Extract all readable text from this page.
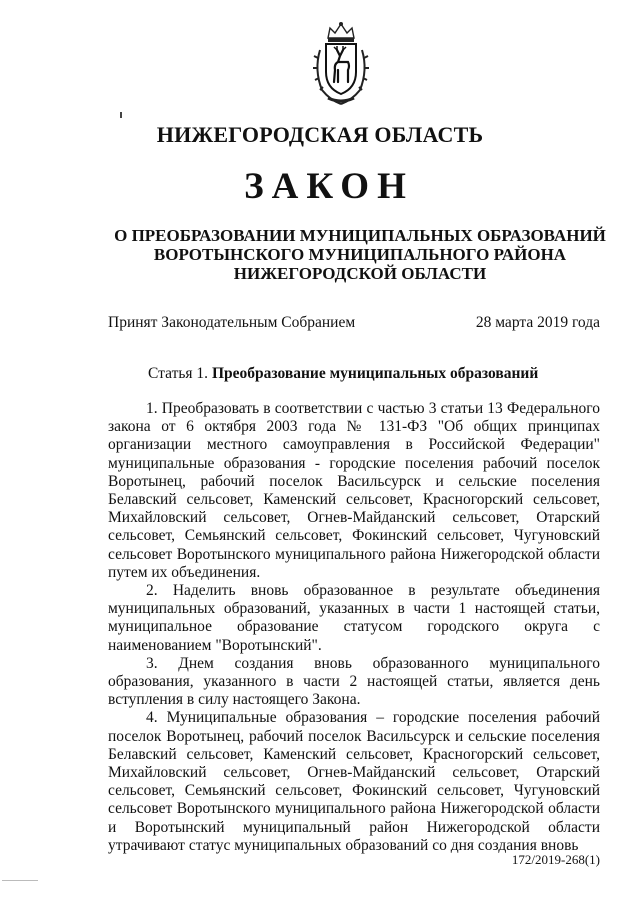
НИЖЕГОРОДСКАЯ ОБЛАСТЬ
ЗАКОН
О ПРЕОБРАЗОВАНИИ МУНИЦИПАЛЬНЫХ ОБРАЗОВАНИЙ
ВОРОТЫНСКОГО МУНИЦИПАЛЬНОГО РАЙОНА
НИЖЕГОРОДСКОЙ ОБЛАСТИ
Принят Законодательным Собранием	28 марта 2019 года
Статья 1. Преобразование муниципальных образований

1. Преобразовать в соответствии с частью 3 статьи 13 Федерального закона от 6 октября 2003 года № 131-ФЗ "Об общих принципах организации местного самоуправления в Российской Федерации" муниципальные образования - городские поселения рабочий поселок Воротынец, рабочий поселок Васильсурск и сельские поселения Белавский сельсовет, Каменский сельсовет, Красногорский сельсовет, Михайловский сельсовет, Огнев-Майданский сельсовет, Отарский сельсовет, Семьянский сельсовет, Фокинский сельсовет, Чугуновский сельсовет Воротынского муниципального района Нижегородской области путем их объединения.

2. Наделить вновь образованное в результате объединения муниципальных образований, указанных в части 1 настоящей статьи, муниципальное образование статусом городского округа с наименованием "Воротынский".

3. Днем создания вновь образованного муниципального образования, указанного в части 2 настоящей статьи, является день вступления в силу настоящего Закона.

4. Муниципальные образования – городские поселения рабочий поселок Воротынец, рабочий поселок Васильсурск и сельские поселения Белавский сельсовет, Каменский сельсовет, Красногорский сельсовет, Михайловский сельсовет, Огнев-Майданский сельсовет, Отарский сельсовет, Семьянский сельсовет, Фокинский сельсовет, Чугуновский сельсовет Воротынского муниципального района Нижегородской области и Воротынский муниципальный район Нижегородской области утрачивают статус муниципальных образований со дня создания вновь

172/2019-268(1)
